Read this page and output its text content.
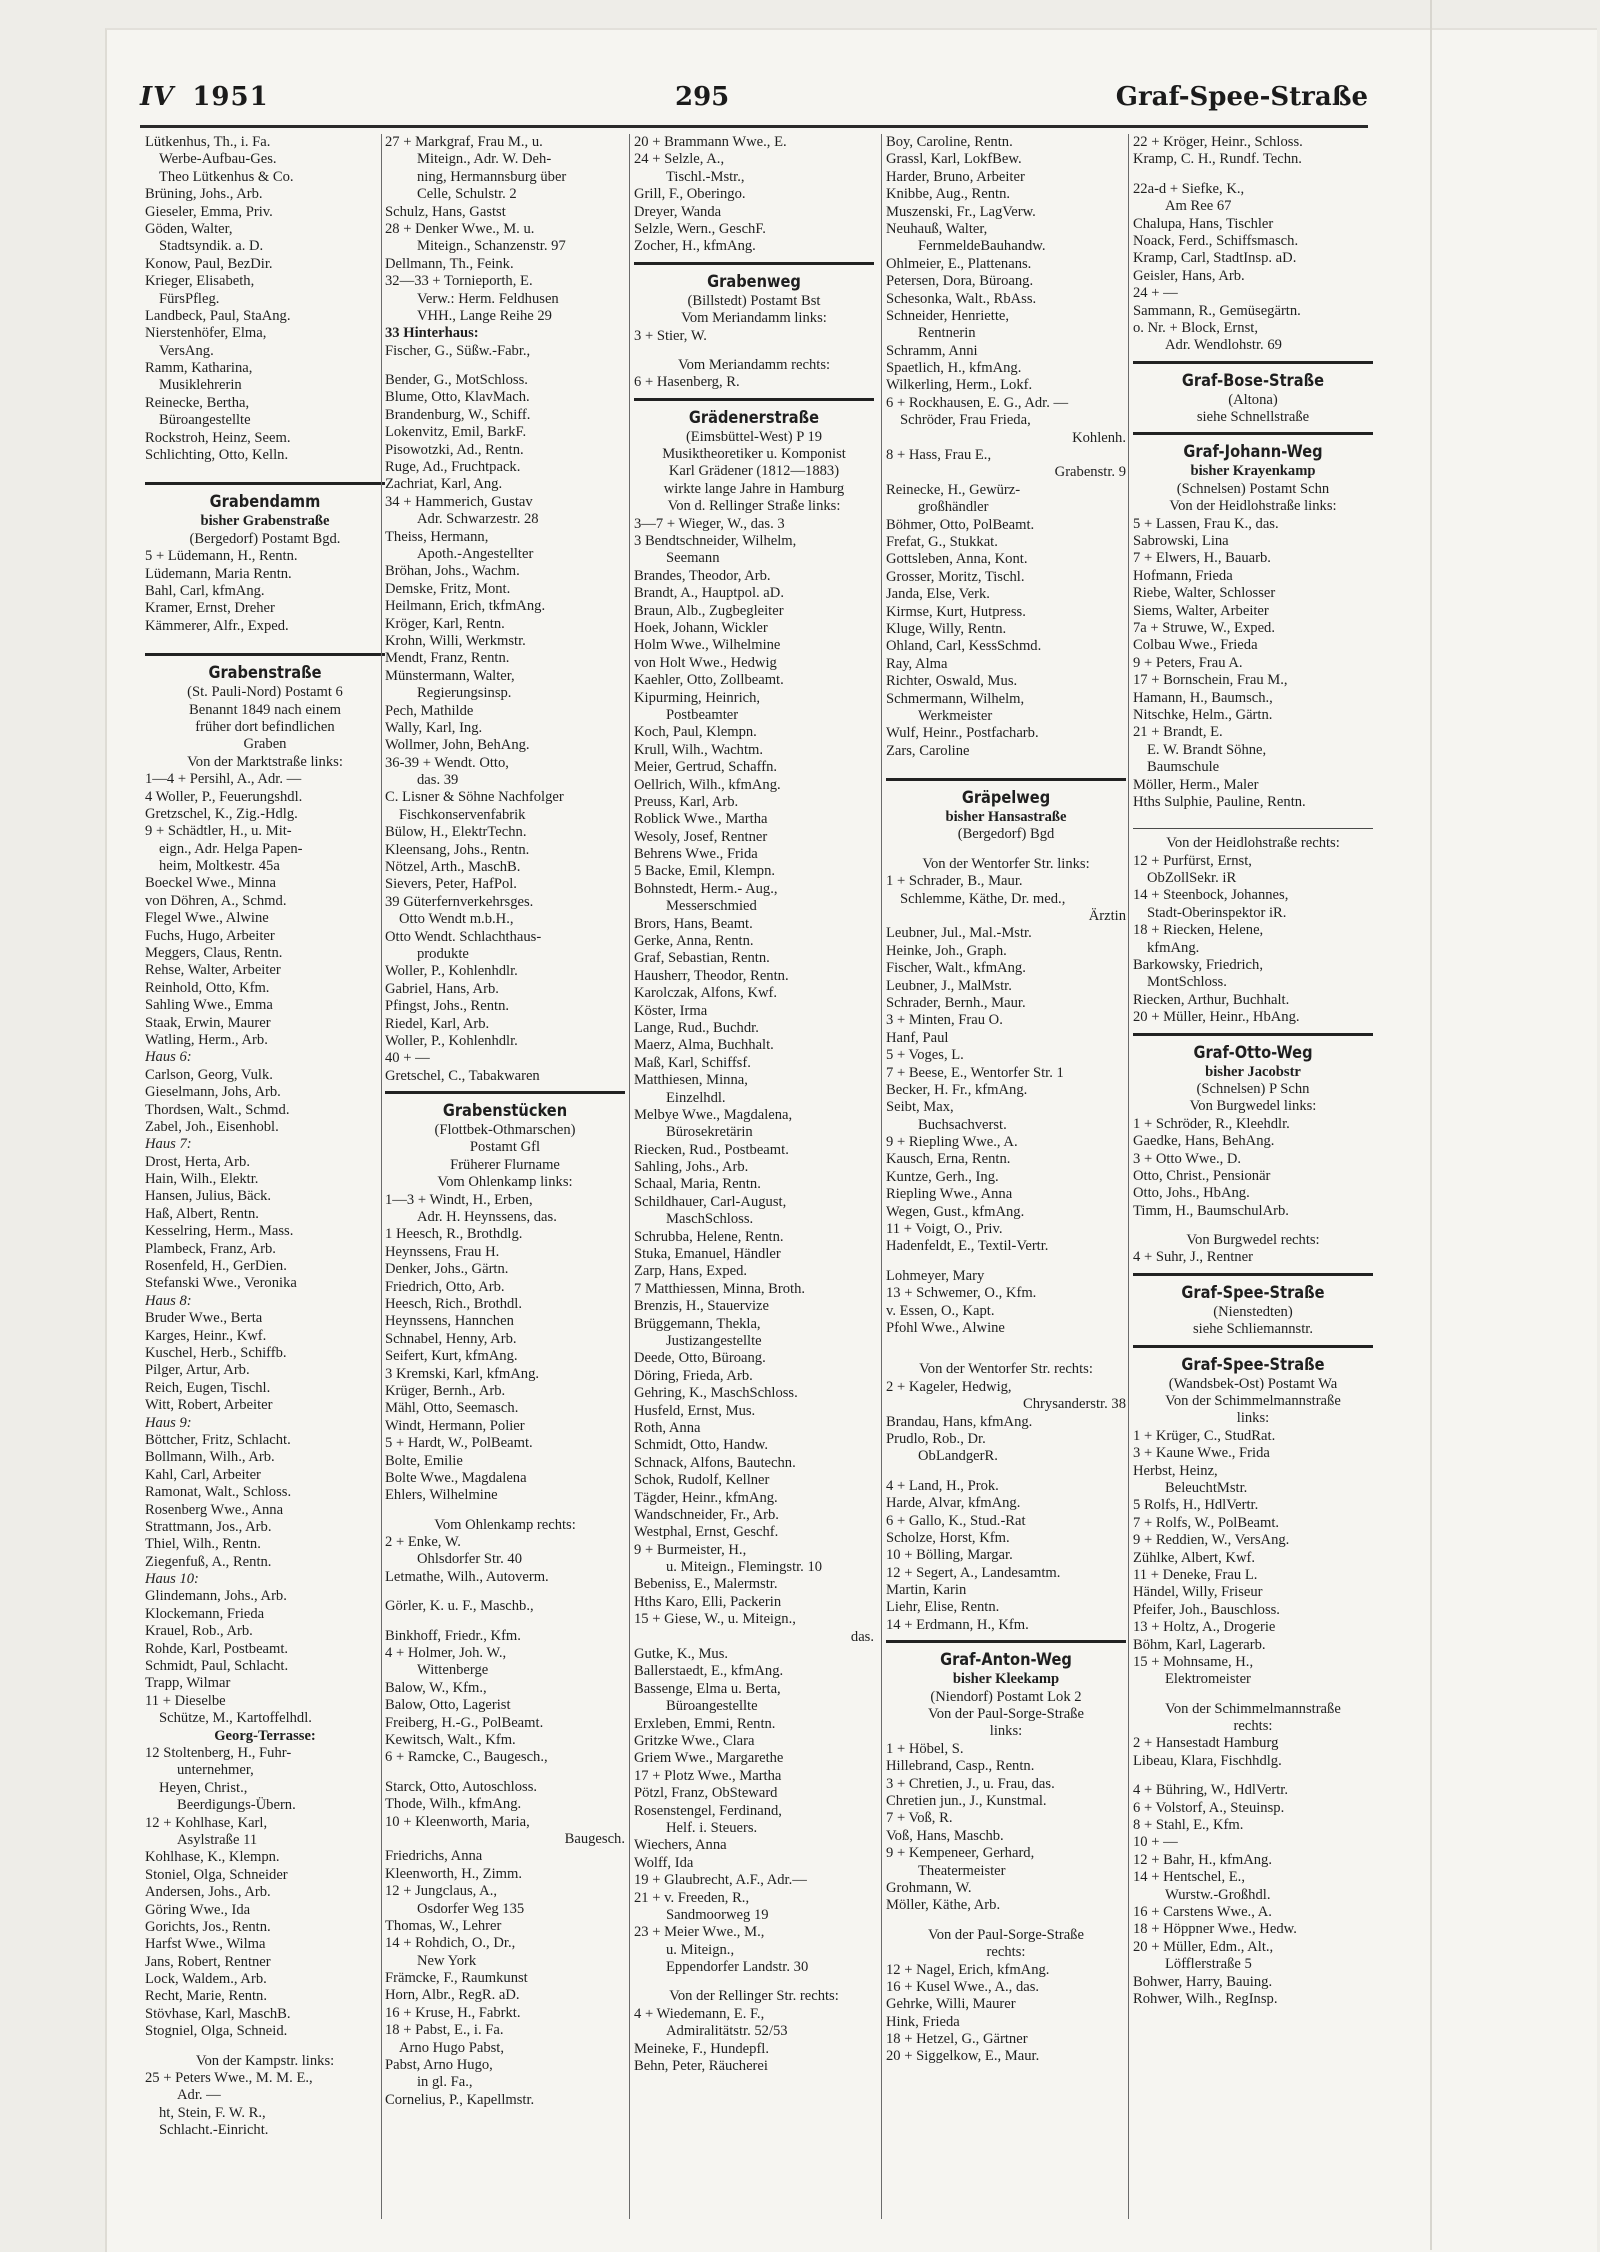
IV 1951	295	Graf-Spee-Straße
Lütkenhus, Th., i. Fa.
Werbe-Aufbau-Ges.
Theo Lütkenhus & Co.
Brüning, Johs., Arb.
Gieseler, Emma, Priv.
Göden, Walter,
Stadtsyndik. a. D.
Konow, Paul, BezDir.
Krieger, Elisabeth,
FürsPfleg.
Landbeck, Paul, StaAng.
Nierstenhöfer, Elma,
VersAng.
Ramm, Katharina,
Musiklehrerin
Reinecke, Bertha,
Büroangestellte
Rockstroh, Heinz, Seem.
Schlichting, Otto, Kelln.
Grabendamm
bisher Grabenstraße
(Bergedorf) Postamt Bgd.
5 + Lüdemann, H., Rentn.
Lüdemann, Maria Rentn.
Bahl, Carl, kfmAng.
Kramer, Ernst, Dreher
Kämmerer, Alfr., Exped.
Grabenstraße
(St. Pauli-Nord) Postamt 6
Benannt 1849 nach einem
früher dort befindlichen
Graben
Von der Marktstraße links:
1—4 + Persihl, A., Adr. —
4 Woller, P., Feuerungshdl.
Gretzschel, K., Zig.-Hdlg.
9 + Schädtler, H., u. Mit-
eign., Adr. Helga Papen-
heim, Moltkestr. 45a
Boeckel Wwe., Minna
von Döhren, A., Schmd.
Flegel Wwe., Alwine
Fuchs, Hugo, Arbeiter
Meggers, Claus, Rentn.
Rehse, Walter, Arbeiter
Reinhold, Otto, Kfm.
Sahling Wwe., Emma
Staak, Erwin, Maurer
Watling, Herm., Arb.
Haus 6:
Carlson, Georg, Vulk.
Gieselmann, Johs, Arb.
Thordsen, Walt., Schmd.
Zabel, Joh., Eisenhobl.
Haus 7:
Drost, Herta, Arb.
Hain, Wilh., Elektr.
Hansen, Julius, Bäck.
Haß, Albert, Rentn.
Kesselring, Herm., Mass.
Plambeck, Franz, Arb.
Rosenfeld, H., GerDien.
Stefanski Wwe., Veronika
Haus 8:
Bruder Wwe., Berta
Karges, Heinr., Kwf.
Kuschel, Herb., Schiffb.
Pilger, Artur, Arb.
Reich, Eugen, Tischl.
Witt, Robert, Arbeiter
Haus 9:
Böttcher, Fritz, Schlacht.
Bollmann, Wilh., Arb.
Kahl, Carl, Arbeiter
Ramonat, Walt., Schloss.
Rosenberg Wwe., Anna
Strattmann, Jos., Arb.
Thiel, Wilh., Rentn.
Ziegenfuß, A., Rentn.
Haus 10:
Glindemann, Johs., Arb.
Klockemann, Frieda
Krauel, Rob., Arb.
Rohde, Karl, Postbeamt.
Schmidt, Paul, Schlacht.
Trapp, Wilmar
11 + Dieselbe
Schütze, M., Kartoffelhdl.
Georg-Terrasse:
12 Stoltenberg, H., Fuhr-
unternehmer,
Heyen, Christ.,
Beerdigungs-Übern.
12 + Kohlhase, Karl,
Asylstraße 11
Kohlhase, K., Klempn.
Stoniel, Olga, Schneider
Andersen, Johs., Arb.
Göring Wwe., Ida
Gorichts, Jos., Rentn.
Harfst Wwe., Wilma
Jans, Robert, Rentner
Lock, Waldem., Arb.
Recht, Marie, Rentn.
Stövhase, Karl, MaschB.
Stogniel, Olga, Schneid.
Von der Kampstr. links:
25 + Peters Wwe., M. M. E.,
Adr. —
ht, Stein, F. W. R.,
Schlacht.-Einricht.
27 + Markgraf, Frau M., u.
Miteign., Adr. W. Deh-
ning, Hermannsburg über
Celle, Schulstr. 2
Schulz, Hans, Gastst
28 + Denker Wwe., M. u.
Miteign., Schanzenstr. 97
Dellmann, Th., Feink.
32—33 + Tornieporth, E.
Verw.: Herm. Feldhusen
VHH., Lange Reihe 29
33 Hinterhaus:
Fischer, G., Süßw.-Fabr.,
Bender, G., MotSchloss.
Blume, Otto, KlavMach.
Brandenburg, W., Schiff.
Lokenvitz, Emil, BarkF.
Pisowotzki, Ad., Rentn.
Ruge, Ad., Fruchtpack.
Zachriat, Karl, Ang.
34 + Hammerich, Gustav
Adr. Schwarzestr. 28
Theiss, Hermann,
Apoth.-Angestellter
Bröhan, Johs., Wachm.
Demske, Fritz, Mont.
Heilmann, Erich, tkfmAng.
Kröger, Karl, Rentn.
Krohn, Willi, Werkmstr.
Mendt, Franz, Rentn.
Münstermann, Walter,
Regierungsinsp.
Pech, Mathilde
Wally, Karl, Ing.
Wollmer, John, BehAng.
36-39 + Wendt. Otto,
das. 39
C. Lisner & Söhne Nachfolger
Fischkonservenfabrik
Bülow, H., ElektrTechn.
Kleensang, Johs., Rentn.
Nötzel, Arth., MaschB.
Sievers, Peter, HafPol.
39 Güterfernverkehrsges.
Otto Wendt m.b.H.,
Otto Wendt. Schlachthaus-
produkte
Woller, P., Kohlenhdlr.
Gabriel, Hans, Arb.
Pfingst, Johs., Rentn.
Riedel, Karl, Arb.
Woller, P., Kohlenhdlr.
40 + —
Gretschel, C., Tabakwaren
Grabenstücken
(Flottbek-Othmarschen)
Postamt Gfl
Früherer Flurname
Vom Ohlenkamp links:
1—3 + Windt, H., Erben,
Adr. H. Heynssens, das.
1 Heesch, R., Brothdlg.
Heynssens, Frau H.
Denker, Johs., Gärtn.
Friedrich, Otto, Arb.
Heesch, Rich., Brothdl.
Heynssens, Hannchen
Schnabel, Henny, Arb.
Seifert, Kurt, kfmAng.
3 Kremski, Karl, kfmAng.
Krüger, Bernh., Arb.
Mähl, Otto, Seemasch.
Windt, Hermann, Polier
5 + Hardt, W., PolBeamt.
Bolte, Emilie
Bolte Wwe., Magdalena
Ehlers, Wilhelmine
Vom Ohlenkamp rechts:
2 + Enke, W.
Ohlsdorfer Str. 40
Letmathe, Wilh., Autoverm.
Görler, K. u. F., Maschb.,
Binkhoff, Friedr., Kfm.
4 + Holmer, Joh. W.,
Wittenberge
Balow, W., Kfm.,
Balow, Otto, Lagerist
Freiberg, H.-G., PolBeamt.
Kewitsch, Walt., Kfm.
6 + Ramcke, C., Baugesch.,
Starck, Otto, Autoschloss.
Thode, Wilh., kfmAng.
10 + Kleenworth, Maria,
Baugesch.
Friedrichs, Anna
Kleenworth, H., Zimm.
12 + Jungclaus, A.,
Osdorfer Weg 135
Thomas, W., Lehrer
14 + Rohdich, O., Dr.,
New York
Främcke, F., Raumkunst
Horn, Albr., RegR. aD.
16 + Kruse, H., Fabrkt.
18 + Pabst, E., i. Fa.
Arno Hugo Pabst,
Pabst, Arno Hugo,
in gl. Fa.,
Cornelius, P., Kapellmstr.
20 + Brammann Wwe., E.
24 + Selzle, A.,
Tischl.-Mstr.,
Grill, F., Oberingo.
Dreyer, Wanda
Selzle, Wern., GeschF.
Zocher, H., kfmAng.
Grabenweg
(Billstedt) Postamt Bst
Vom Meriandamm links:
3 + Stier, W.
Vom Meriandamm rechts:
6 + Hasenberg, R.
Grädenerstraße
(Eimsbüttel-West) P 19
Musiktheoretiker u. Komponist
Karl Grädener (1812—1883)
wirkte lange Jahre in Hamburg
Von d. Rellinger Straße links:
3—7 + Wieger, W., das. 3
3 Bendtschneider, Wilhelm,
Seemann
Brandes, Theodor, Arb.
Brandt, A., Hauptpol. aD.
Braun, Alb., Zugbegleiter
Hoek, Johann, Wickler
Holm Wwe., Wilhelmine
von Holt Wwe., Hedwig
Kaehler, Otto, Zollbeamt.
Kipurming, Heinrich,
Postbeamter
Koch, Paul, Klempn.
Krull, Wilh., Wachtm.
Meier, Gertrud, Schaffn.
Oellrich, Wilh., kfmAng.
Preuss, Karl, Arb.
Roblick Wwe., Martha
Wesoly, Josef, Rentner
Behrens Wwe., Frida
5 Backe, Emil, Klempn.
Bohnstedt, Herm.- Aug.,
Messerschmied
Brors, Hans, Beamt.
Gerke, Anna, Rentn.
Graf, Sebastian, Rentn.
Hausherr, Theodor, Rentn.
Karolczak, Alfons, Kwf.
Köster, Irma
Lange, Rud., Buchdr.
Maerz, Alma, Buchhalt.
Maß, Karl, Schiffsf.
Matthiesen, Minna,
Einzelhdl.
Melbye Wwe., Magdalena,
Bürosekretärin
Riecken, Rud., Postbeamt.
Sahling, Johs., Arb.
Schaal, Maria, Rentn.
Schildhauer, Carl-August,
MaschSchloss.
Schrubba, Helene, Rentn.
Stuka, Emanuel, Händler
Zarp, Hans, Exped.
7 Matthiessen, Minna, Broth.
Brenzis, H., Stauervize
Brüggemann, Thekla,
Justizangestellte
Deede, Otto, Büroang.
Döring, Frieda, Arb.
Gehring, K., MaschSchloss.
Husfeld, Ernst, Mus.
Roth, Anna
Schmidt, Otto, Handw.
Schnack, Alfons, Bautechn.
Schok, Rudolf, Kellner
Tägder, Heinr., kfmAng.
Wandschneider, Fr., Arb.
Westphal, Ernst, Geschf.
9 + Burmeister, H.,
u. Miteign., Flemingstr. 10
Bebeniss, E., Malermstr.
Hths Karo, Elli, Packerin
15 + Giese, W., u. Miteign.,
das.
Gutke, K., Mus.
Ballerstaedt, E., kfmAng.
Bassenge, Elma u. Berta,
Büroangestellte
Erxleben, Emmi, Rentn.
Gritzke Wwe., Clara
Griem Wwe., Margarethe
17 + Plotz Wwe., Martha
Pötzl, Franz, ObSteward
Rosenstengel, Ferdinand,
Helf. i. Steuers.
Wiechers, Anna
Wolff, Ida
19 + Glaubrecht, A.F., Adr.—
21 + v. Freeden, R.,
Sandmoorweg 19
23 + Meier Wwe., M.,
u. Miteign.,
Eppendorfer Landstr. 30
Von der Rellinger Str. rechts:
4 + Wiedemann, E. F.,
Admiralitätstr. 52/53
Meineke, F., Hundepfl.
Behn, Peter, Räucherei
Boy, Caroline, Rentn.
Grassl, Karl, LokfBew.
Harder, Bruno, Arbeiter
Knibbe, Aug., Rentn.
Muszenski, Fr., LagVerw.
Neuhauß, Walter,
FernmeldeBauhandw.
Ohlmeier, E., Plattenans.
Petersen, Dora, Büroang.
Schesonka, Walt., RbAss.
Schneider, Henriette,
Rentnerin
Schramm, Anni
Spaetlich, H., kfmAng.
Wilkerling, Herm., Lokf.
6 + Rockhausen, E. G., Adr. —
Schröder, Frau Frieda,
Kohlenh.
8 + Hass, Frau E.,
Grabenstr. 9
Reinecke, H., Gewürz-
großhändler
Böhmer, Otto, PolBeamt.
Frefat, G., Stukkat.
Gottsleben, Anna, Kont.
Grosser, Moritz, Tischl.
Janda, Else, Verk.
Kirmse, Kurt, Hutpress.
Kluge, Willy, Rentn.
Ohland, Carl, KessSchmd.
Ray, Alma
Richter, Oswald, Mus.
Schmermann, Wilhelm,
Werkmeister
Wulf, Heinr., Postfacharb.
Zars, Caroline
Gräpelweg
bisher Hansastraße
(Bergedorf) Bgd
Von der Wentorfer Str. links:
1 + Schrader, B., Maur.
Schlemme, Käthe, Dr. med.,
Ärztin
Leubner, Jul., Mal.-Mstr.
Heinke, Joh., Graph.
Fischer, Walt., kfmAng.
Leubner, J., MalMstr.
Schrader, Bernh., Maur.
3 + Minten, Frau O.
Hanf, Paul
5 + Voges, L.
7 + Beese, E., Wentorfer Str. 1
Becker, H. Fr., kfmAng.
Seibt, Max,
Buchsachverst.
9 + Riepling Wwe., A.
Kausch, Erna, Rentn.
Kuntze, Gerh., Ing.
Riepling Wwe., Anna
Wegen, Gust., kfmAng.
11 + Voigt, O., Priv.
Hadenfeldt, E., Textil-Vertr.
Lohmeyer, Mary
13 + Schwemer, O., Kfm.
v. Essen, O., Kapt.
Pfohl Wwe., Alwine
Von der Wentorfer Str. rechts:
2 + Kageler, Hedwig,
Chrysanderstr. 38
Brandau, Hans, kfmAng.
Prudlo, Rob., Dr.
ObLandgerR.
4 + Land, H., Prok.
Harde, Alvar, kfmAng.
6 + Gallo, K., Stud.-Rat
Scholze, Horst, Kfm.
10 + Bölling, Margar.
12 + Segert, A., Landesamtm.
Martin, Karin
Liehr, Elise, Rentn.
14 + Erdmann, H., Kfm.
Graf-Anton-Weg
bisher Kleekamp
(Niendorf) Postamt Lok 2
Von der Paul-Sorge-Straße
links:
1 + Höbel, S.
Hillebrand, Casp., Rentn.
3 + Chretien, J., u. Frau, das.
Chretien jun., J., Kunstmal.
7 + Voß, R.
Voß, Hans, Maschb.
9 + Kempeneer, Gerhard,
Theatermeister
Grohmann, W.
Möller, Käthe, Arb.
Von der Paul-Sorge-Straße
rechts:
12 + Nagel, Erich, kfmAng.
16 + Kusel Wwe., A., das.
Gehrke, Willi, Maurer
Hink, Frieda
18 + Hetzel, G., Gärtner
20 + Siggelkow, E., Maur.
22 + Kröger, Heinr., Schloss.
Kramp, C. H., Rundf. Techn.
22a-d + Siefke, K.,
Am Ree 67
Chalupa, Hans, Tischler
Noack, Ferd., Schiffsmasch.
Kramp, Carl, StadtInsp. aD.
Geisler, Hans, Arb.
24 + —
Sammann, R., Gemüsegärtn.
o. Nr. + Block, Ernst,
Adr. Wendlohstr. 69
Graf-Bose-Straße
(Altona)
siehe Schnellstraße
Graf-Johann-Weg
bisher Krayenkamp
(Schnelsen) Postamt Schn
Von der Heidlohstraße links:
5 + Lassen, Frau K., das.
Sabrowski, Lina
7 + Elwers, H., Bauarb.
Hofmann, Frieda
Riebe, Walter, Schlosser
Siems, Walter, Arbeiter
7a + Struwe, W., Exped.
Colbau Wwe., Frieda
9 + Peters, Frau A.
17 + Bornschein, Frau M.,
Hamann, H., Baumsch.,
Nitschke, Helm., Gärtn.
21 + Brandt, E.
E. W. Brandt Söhne,
Baumschule
Möller, Herm., Maler
Hths Sulphie, Pauline, Rentn.
Von der Heidlohstraße rechts:
12 + Purfürst, Ernst,
ObZollSekr. iR
14 + Steenbock, Johannes,
Stadt-Oberinspektor iR.
18 + Riecken, Helene,
kfmAng.
Barkowsky, Friedrich,
MontSchloss.
Riecken, Arthur, Buchhalt.
20 + Müller, Heinr., HbAng.
Graf-Otto-Weg
bisher Jacobstr
(Schnelsen) P Schn
Von Burgwedel links:
1 + Schröder, R., Kleehdlr.
Gaedke, Hans, BehAng.
3 + Otto Wwe., D.
Otto, Christ., Pensionär
Otto, Johs., HbAng.
Timm, H., BaumschulArb.
Von Burgwedel rechts:
4 + Suhr, J., Rentner
Graf-Spee-Straße
(Nienstedten)
siehe Schliemannstr.
Graf-Spee-Straße
(Wandsbek-Ost) Postamt Wa
Von der Schimmelmannstraße
links:
1 + Krüger, C., StudRat.
3 + Kaune Wwe., Frida
Herbst, Heinz,
BeleuchtMstr.
5 Rolfs, H., HdlVertr.
7 + Rolfs, W., PolBeamt.
9 + Reddien, W., VersAng.
Zühlke, Albert, Kwf.
11 + Deneke, Frau L.
Händel, Willy, Friseur
Pfeifer, Joh., Bauschloss.
13 + Holtz, A., Drogerie
Böhm, Karl, Lagerarb.
15 + Mohnsame, H.,
Elektromeister
Von der Schimmelmannstraße
rechts:
2 + Hansestadt Hamburg
Libeau, Klara, Fischhdlg.
4 + Bühring, W., HdlVertr.
6 + Volstorf, A., Steuinsp.
8 + Stahl, E., Kfm.
10 + —
12 + Bahr, H., kfmAng.
14 + Hentschel, E.,
Wurstw.-Großhdl.
16 + Carstens Wwe., A.
18 + Höppner Wwe., Hedw.
20 + Müller, Edm., Alt.,
Löfflerstraße 5
Bohwer, Harry, Bauing.
Rohwer, Wilh., RegInsp.
